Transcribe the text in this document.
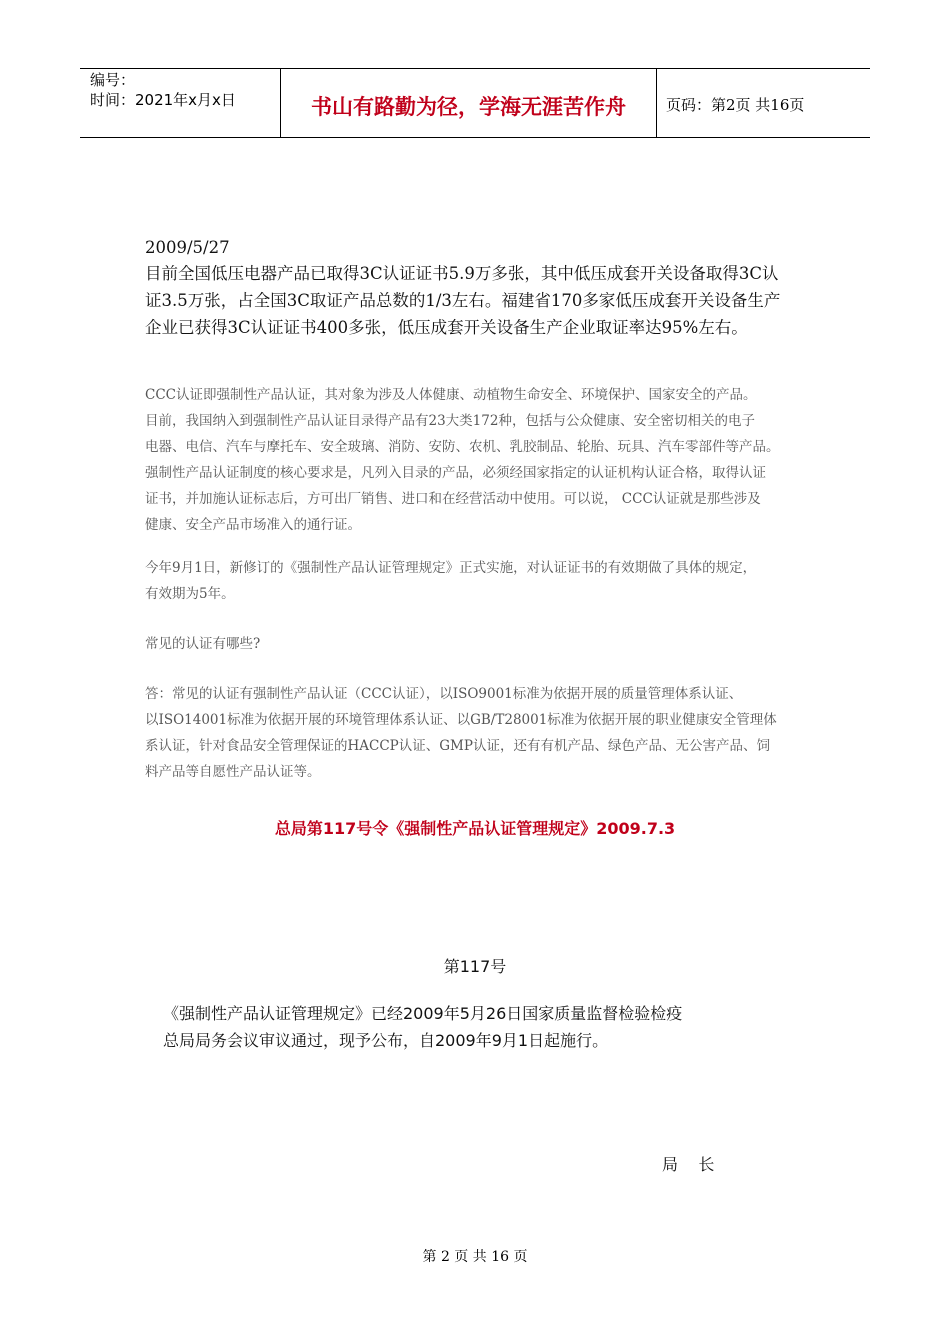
编号：
时间：2021年x月x日	书山有路勤为径，学海无涯苦作舟	页码：第2页 共16页
2009/5/27
目前全国低压电器产品已取得3C认证证书5.9万多张，其中低压成套开关设备取得3C认
证3.5万张，占全国3C取证产品总数的1/3左右。福建省170多家低压成套开关设备生产
企业已获得3C认证证书400多张，低压成套开关设备生产企业取证率达95%左右。
CCC认证即强制性产品认证，其对象为涉及人体健康、动植物生命安全、环境保护、国家安全的产品。
目前，我国纳入到强制性产品认证目录得产品有23大类172种，包括与公众健康、安全密切相关的电子
电器、电信、汽车与摩托车、安全玻璃、消防、安防、农机、乳胶制品、轮胎、玩具、汽车零部件等产品。
强制性产品认证制度的核心要求是，凡列入目录的产品，必须经国家指定的认证机构认证合格，取得认证
证书，并加施认证标志后，方可出厂销售、进口和在经营活动中使用。可以说， CCC认证就是那些涉及
健康、安全产品市场准入的通行证。
今年9月1日，新修订的《强制性产品认证管理规定》正式实施，对认证证书的有效期做了具体的规定，
有效期为5年。
常见的认证有哪些?
答：常见的认证有强制性产品认证（CCC认证），以ISO9001标准为依据开展的质量管理体系认证、
以ISO14001标准为依据开展的环境管理体系认证、以GB/T28001标准为依据开展的职业健康安全管理体
系认证，针对食品安全管理保证的HACCP认证、GMP认证，还有有机产品、绿色产品、无公害产品、饲
料产品等自愿性产品认证等。
总局第117号令《强制性产品认证管理规定》2009.7.3
第117号
《强制性产品认证管理规定》已经2009年5月26日国家质量监督检验检疫
总局局务会议审议通过，现予公布，自2009年9月1日起施行。
局    长
第 2 页 共 16 页
